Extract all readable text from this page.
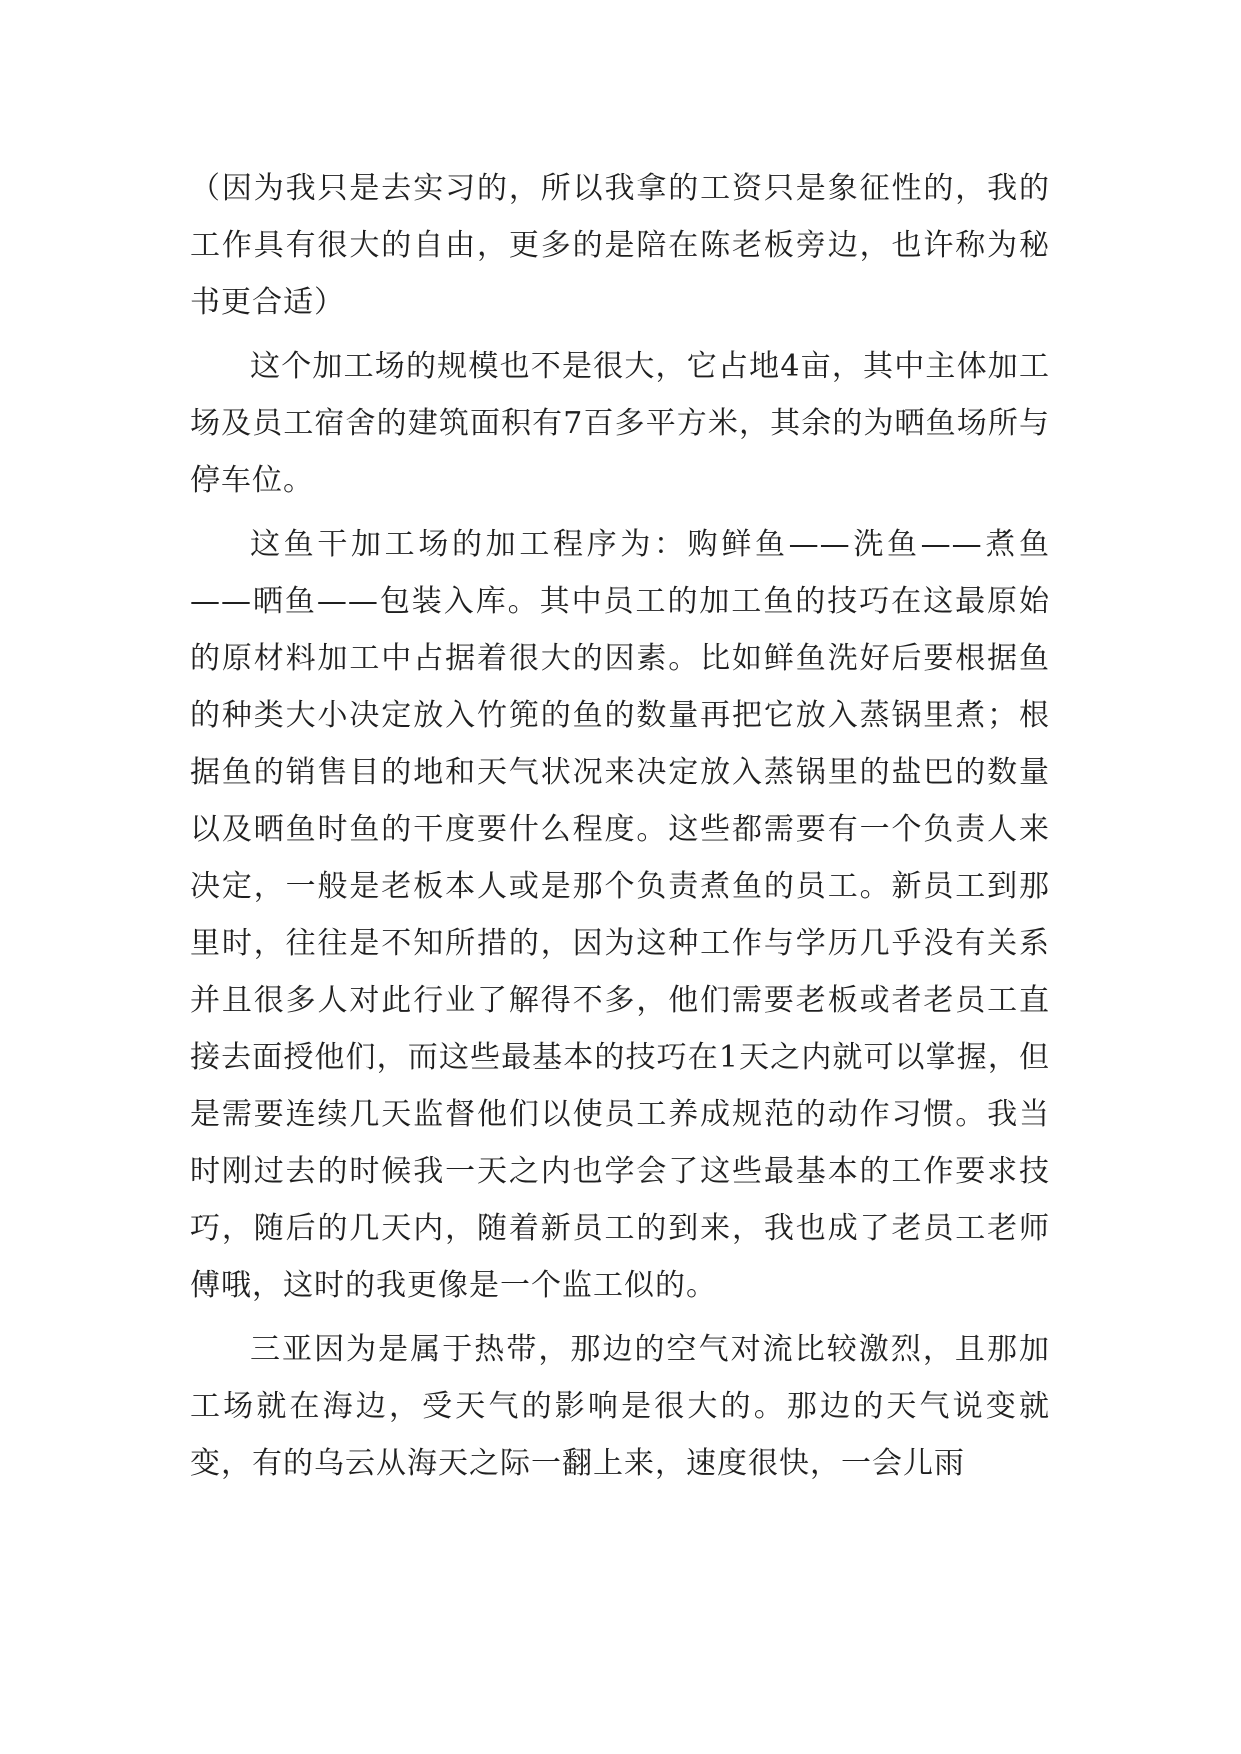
（因为我只是去实习的，所以我拿的工资只是象征性的，我的工作具有很大的自由，更多的是陪在陈老板旁边，也许称为秘书更合适）

这个加工场的规模也不是很大，它占地4亩，其中主体加工场及员工宿舍的建筑面积有7百多平方米，其余的为晒鱼场所与停车位。

这鱼干加工场的加工程序为：购鲜鱼——洗鱼——煮鱼——晒鱼——包装入库。其中员工的加工鱼的技巧在这最原始的原材料加工中占据着很大的因素。比如鲜鱼洗好后要根据鱼的种类大小决定放入竹篼的鱼的数量再把它放入蒸锅里煮；根据鱼的销售目的地和天气状况来决定放入蒸锅里的盐巴的数量以及晒鱼时鱼的干度要什么程度。这些都需要有一个负责人来决定，一般是老板本人或是那个负责煮鱼的员工。新员工到那里时，往往是不知所措的，因为这种工作与学历几乎没有关系并且很多人对此行业了解得不多，他们需要老板或者老员工直接去面授他们，而这些最基本的技巧在1天之内就可以掌握，但是需要连续几天监督他们以使员工养成规范的动作习惯。我当时刚过去的时候我一天之内也学会了这些最基本的工作要求技巧，随后的几天内，随着新员工的到来，我也成了老员工老师傅哦，这时的我更像是一个监工似的。

三亚因为是属于热带，那边的空气对流比较激烈，且那加工场就在海边，受天气的影响是很大的。那边的天气说变就变，有的乌云从海天之际一翻上来，速度很快，一会儿雨
